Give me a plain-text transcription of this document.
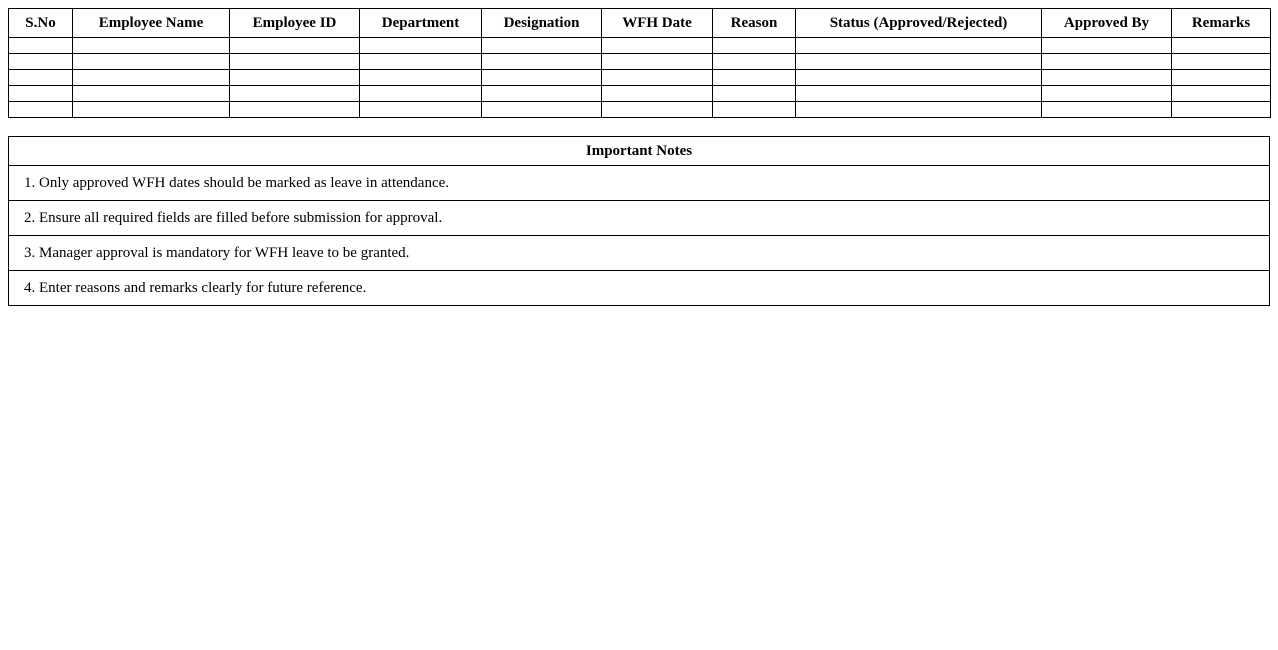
S.No	Employee Name	Employee ID	Department	Designation	WFH Date	Reason	Status (Approved/Rejected)	Approved By	Remarks

Important Notes
1. Only approved WFH dates should be marked as leave in attendance.
2. Ensure all required fields are filled before submission for approval.
3. Manager approval is mandatory for WFH leave to be granted.
4. Enter reasons and remarks clearly for future reference.
